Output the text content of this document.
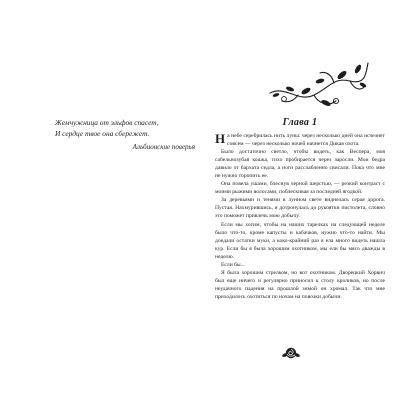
Жемчужница от эльфов спасет,
И сердце твое она сбережет.
Альбионские поверья
Глава 1

На небе серебрилась нить луны: через несколько дней она исчезнет совсем — через несколько ночей начнется Дикая охота.

Было достаточно светло, чтобы видеть, как Веспера, моя сабельнозубая кошка, тихо пробирается через заросли. Мои бедра давило от бархата седла, а ноги расслабленно свисали. Пока что мне не нужно торопить ее.

Она повела ушами, блеснув черной шерстью, — резкий контраст с моими рыжими волосами, поблескивая за последней ягодкой.

За деревьями и тенями в лунном свете виднелась серая дорога. Пустая. Нахмурившись, я дотронулась до рукоятки пистолета, словно это поможет привлечь мою добычу.

Если мы хотим, чтобы на наших тарелках на следующей неделе было что-то, кроме капусты и кабачков, нужно что-то найти. Мы доедали остатки муки, а коко-крайний раз я ела много видеть нашла кур. Если бы я была хорошим охотником, мы ели бы мясо дважды в неделю.

Если бы...

Я была хорошим стрелком, но вот охотником. Дворецкий Хорвич был еще ничего и регулярно приносил к столу кроликов, но после неудачного падения на прошлой зимой он хромал. Так что мне приходилось охотиться по ночам на повозки добычи.
